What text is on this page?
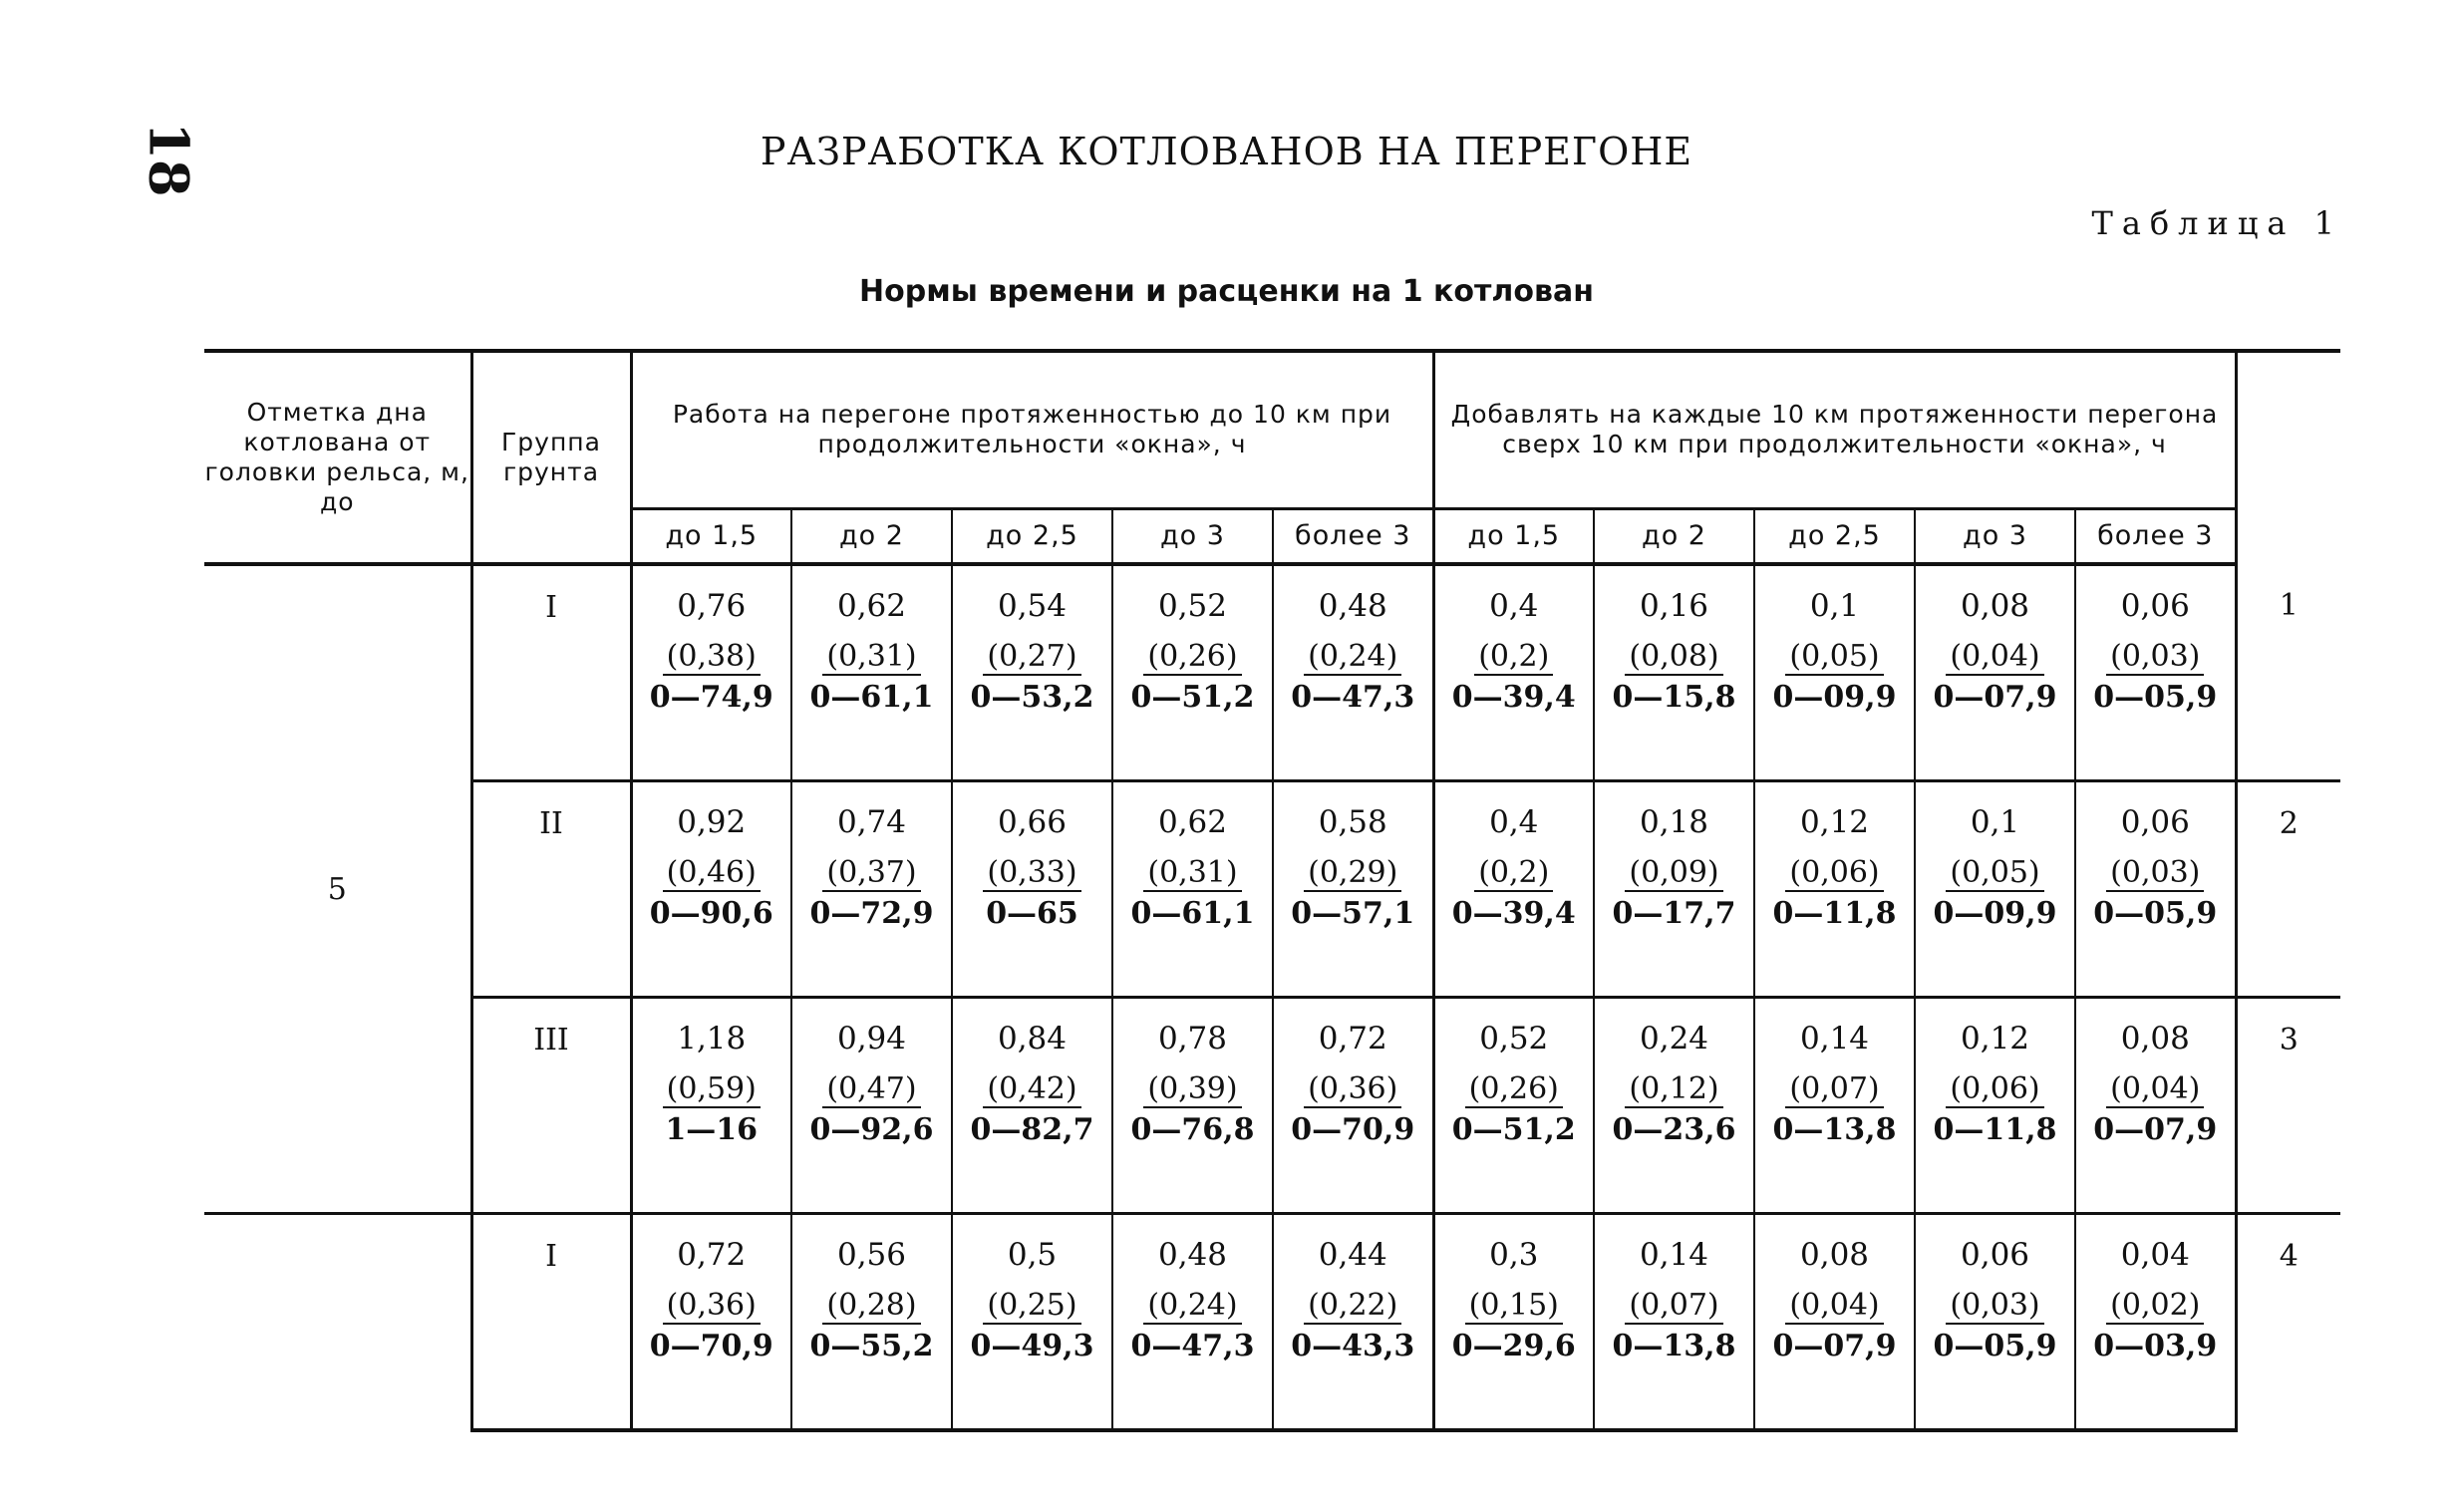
18	РАЗРАБОТКА КОТЛОВАНОВ НА ПЕРЕГОНЕ
Таблица 1
Нормы времени и расценки на 1 котлован
Отметка дна котлована от головки рельса, м, до	Группа грунта	Работа на перегоне протяженностью до 10 км при продолжительности «окна», ч					Добавлять на каждые 10 км протяженности перегона сверх 10 км при продолжительности «окна», ч					
		до 1,5	до 2	до 2,5	до 3	более 3	до 1,5	до 2	до 2,5	до 3	более 3	
5	I	0,76
(0,38)
0—74,9	0,62
(0,31)
0—61,1	0,54
(0,27)
0—53,2	0,52
(0,26)
0—51,2	0,48
(0,24)
0—47,3	0,4
(0,2)
0—39,4	0,16
(0,08)
0—15,8	0,1
(0,05)
0—09,9	0,08
(0,04)
0—07,9	0,06
(0,03)
0—05,9	1
	II	0,92
(0,46)
0—90,6	0,74
(0,37)
0—72,9	0,66
(0,33)
0—65	0,62
(0,31)
0—61,1	0,58
(0,29)
0—57,1	0,4
(0,2)
0—39,4	0,18
(0,09)
0—17,7	0,12
(0,06)
0—11,8	0,1
(0,05)
0—09,9	0,06
(0,03)
0—05,9	2
	III	1,18
(0,59)
1—16	0,94
(0,47)
0—92,6	0,84
(0,42)
0—82,7	0,78
(0,39)
0—76,8	0,72
(0,36)
0—70,9	0,52
(0,26)
0—51,2	0,24
(0,12)
0—23,6	0,14
(0,07)
0—13,8	0,12
(0,06)
0—11,8	0,08
(0,04)
0—07,9	3
	I	0,72
(0,36)
0—70,9	0,56
(0,28)
0—55,2	0,5
(0,25)
0—49,3	0,48
(0,24)
0—47,3	0,44
(0,22)
0—43,3	0,3
(0,15)
0—29,6	0,14
(0,07)
0—13,8	0,08
(0,04)
0—07,9	0,06
(0,03)
0—05,9	0,04
(0,02)
0—03,9	4
